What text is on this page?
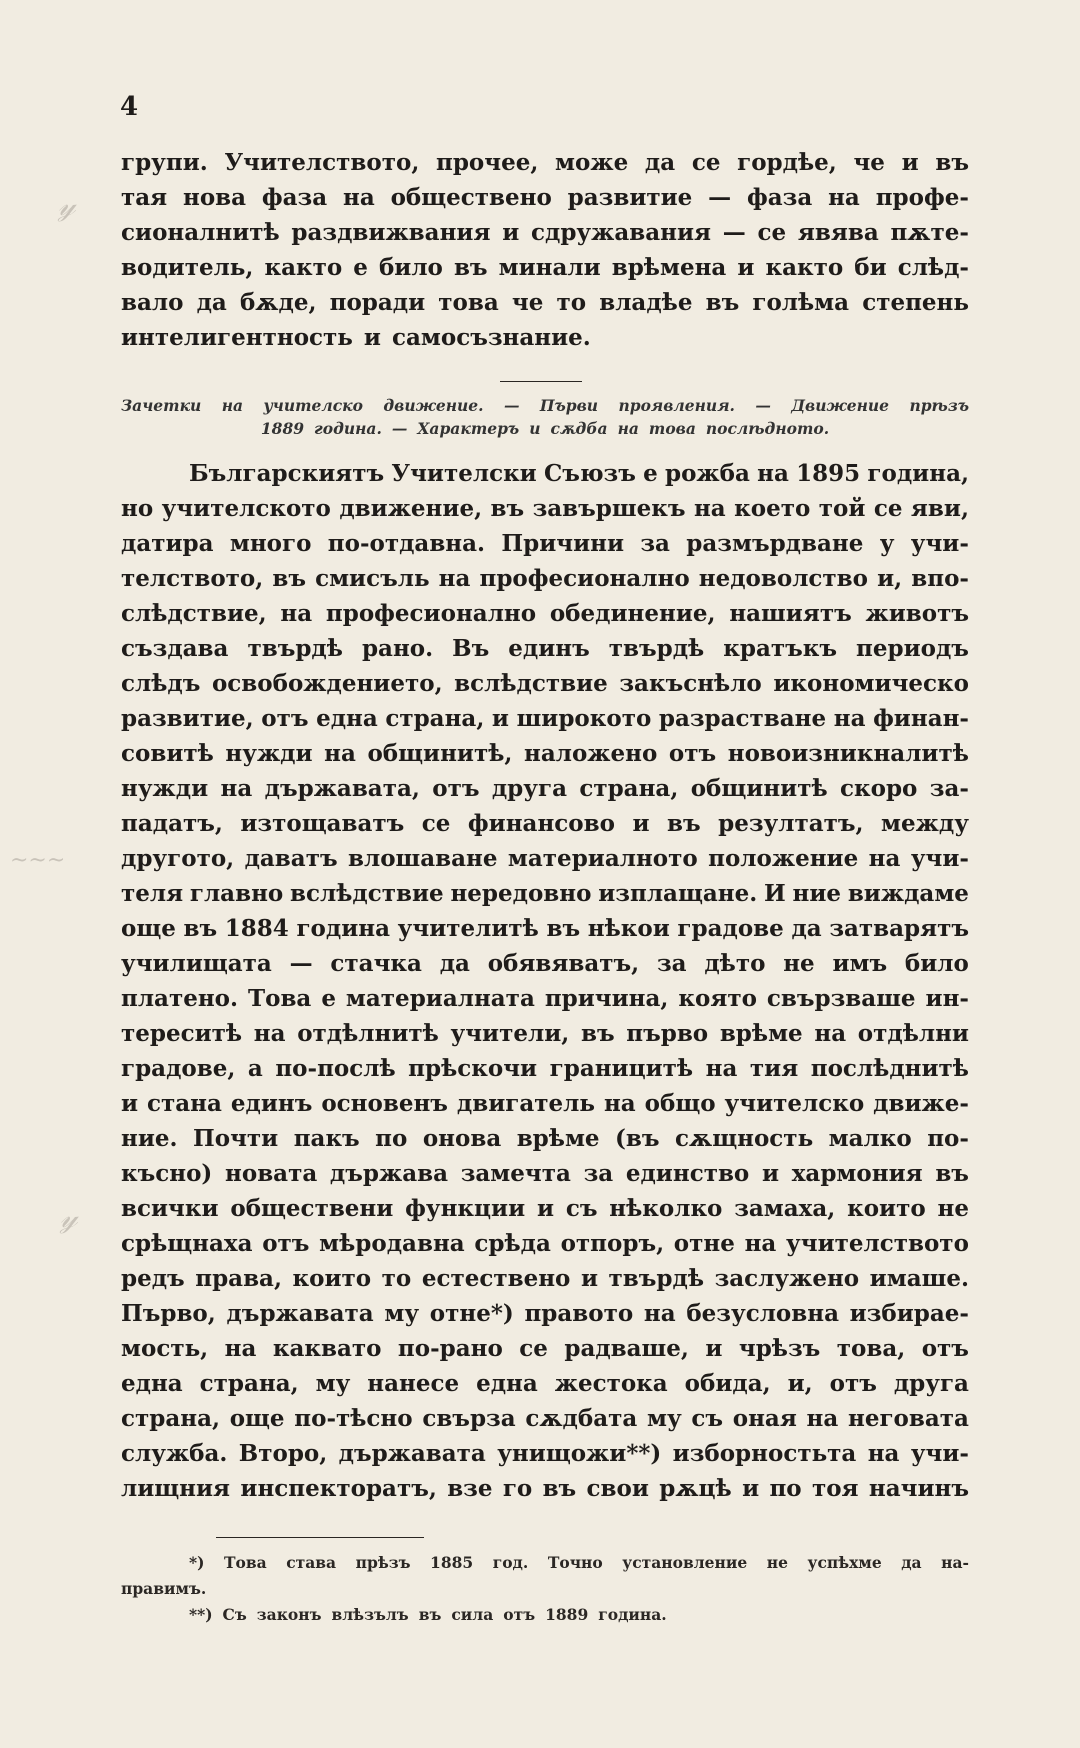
4
𝓎
~~~
𝓎
групи. Учителството, прочее, може да се гордѣе, че и въ
тая нова фаза на обществено развитие — фаза на профе-
сионалнитѣ раздвижвания и сдружавания — се явява пѫте-
водитель, както е било въ минали врѣмена и както би слѣд-
вало да бѫде, поради това че то владѣе въ голѣма степень
интелигентность и самосъзнание.
Зачетки на учителско движение. — Първи проявления. — Движение прѣзъ
1889 година. — Характеръ и сѫдба на това послѣдното.
Българскиятъ Учителски Съюзъ е рожба на 1895 година,
но учителското движение, въ завършекъ на което той се яви,
датира много по-отдавна. Причини за размърдване у учи-
телството, въ смисъль на професионално недоволство и, впо-
слѣдствие, на професионално обединение, нашиятъ животъ
създава твърдѣ рано. Въ единъ твърдѣ кратъкъ периодъ
слѣдъ освобождението, вслѣдствие закъснѣло икономическо
развитие, отъ една страна, и широкото разрастване на финан-
совитѣ нужди на общинитѣ, наложено отъ новоизникналитѣ
нужди на държавата, отъ друга страна, общинитѣ скоро за-
падатъ, изтощаватъ се финансово и въ резултатъ, между
другото, даватъ влошаване материалното положение на учи-
теля главно вслѣдствие нередовно изплащане. И ние виждаме
още въ 1884 година учителитѣ въ нѣкои градове да затварятъ
училищата — стачка да обявяватъ, за дѣто не имъ било
платено. Това е материалната причина, която свързваше ин-
тереситѣ на отдѣлнитѣ учители, въ първо врѣме на отдѣлни
градове, а по-послѣ прѣскочи границитѣ на тия послѣднитѣ
и стана единъ основенъ двигатель на общо учителско движе-
ние. Почти пакъ по онова врѣме (въ сѫщность малко по-
късно) новата държава замечта за единство и хармония въ
всички обществени функции и съ нѣколко замаха, които не
срѣщнаха отъ мѣродавна срѣда отпоръ, отне на учителството
редъ права, които то естествено и твърдѣ заслужено имаше.
Първо, държавата му отне*) правото на безусловна избирае-
мость, на каквато по-рано се радваше, и чрѣзъ това, отъ
една страна, му нанесе една жестока обида, и, отъ друга
страна, още по-тѣсно свърза сѫдбата му съ оная на неговата
служба. Второ, държавата унищожи**) изборностьта на учи-
лищния инспекторатъ, взе го въ свои рѫцѣ и по тоя начинъ
*) Това става прѣзъ 1885 год. Точно установление не успѣхме да на-
правимъ.
**) Съ законъ влѣзълъ въ сила отъ 1889 година.
